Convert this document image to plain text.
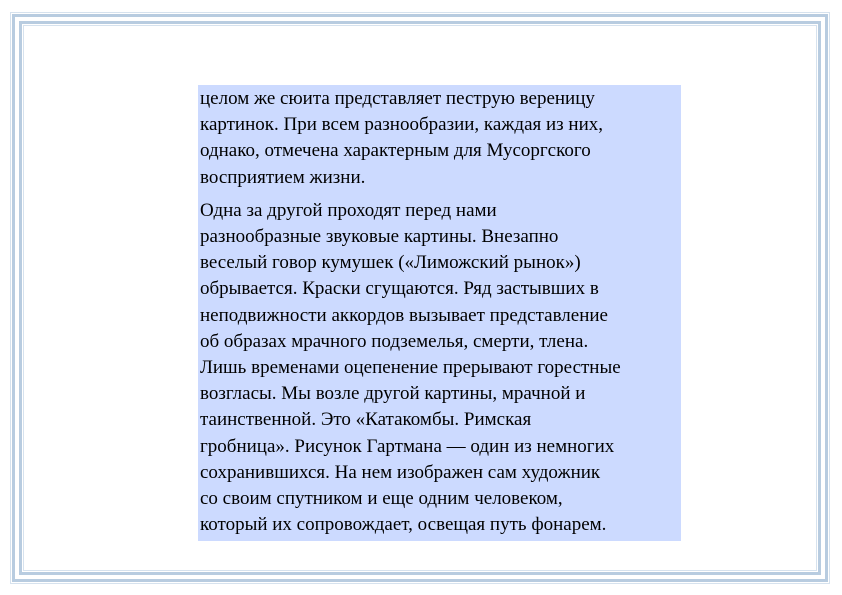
целом же сюита представляет пеструю вереницу
картинок. При всем разнообразии, каждая из них,
однако, отмечена характерным для Мусоргского
восприятием жизни.

Одна за другой проходят перед нами
разнообразные звуковые картины. Внезапно
веселый говор кумушек («Лиможский рынок»)
обрывается. Краски сгущаются. Ряд застывших в
неподвижности аккордов вызывает представление
об образах мрачного подземелья, смерти, тлена.
Лишь временами оцепенение прерывают горестные
возгласы. Мы возле другой картины, мрачной и
таинственной. Это «Катакомбы. Римская
гробница». Рисунок Гартмана — один из немногих
сохранившихся. На нем изображен сам художник
со своим спутником и еще одним человеком,
который их сопровождает, освещая путь фонарем.
